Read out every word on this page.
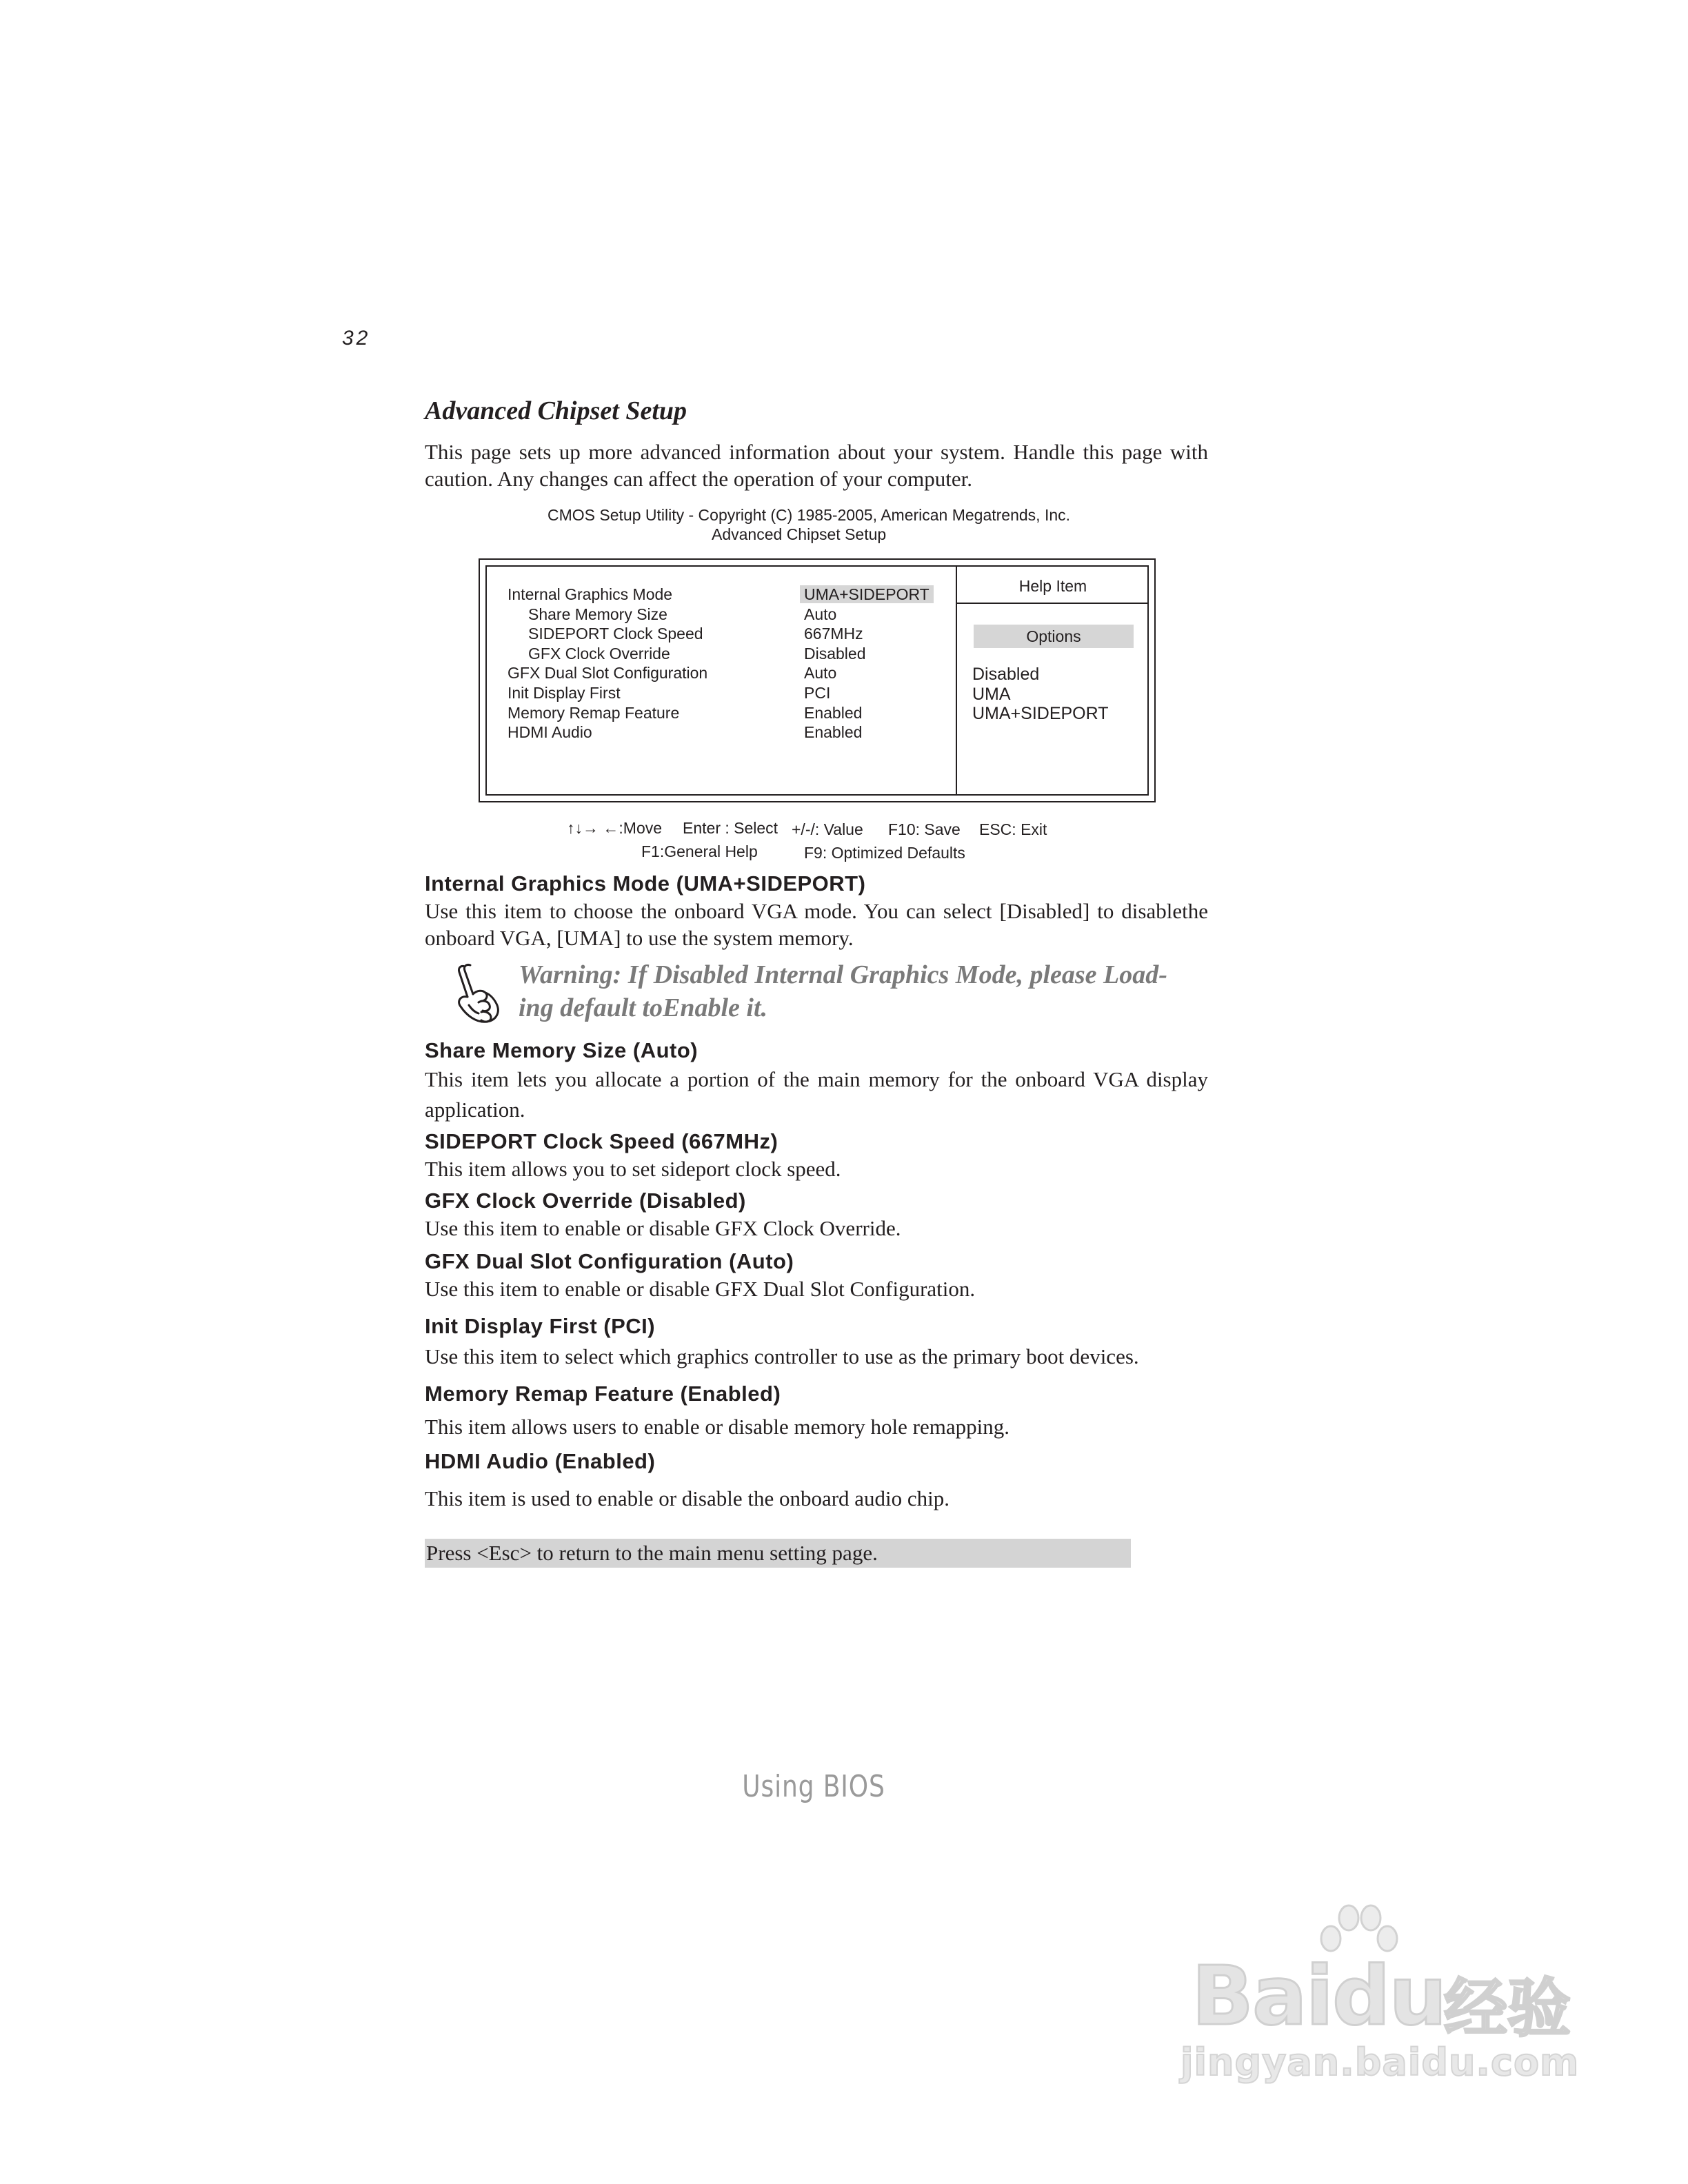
32
Advanced Chipset Setup
This page sets up more advanced information about your system. Handle this page with caution. Any changes can affect the operation of your computer.
CMOS Setup Utility - Copyright (C) 1985-2005, American Megatrends, Inc.
Advanced Chipset Setup
Internal Graphics Mode
Share Memory Size
SIDEPORT Clock Speed
GFX Clock Override
GFX Dual Slot Configuration
Init Display First
Memory Remap Feature
HDMI Audio
UMA+SIDEPORT
Auto
667MHz
Disabled
Auto
PCI
Enabled
Enabled
Help Item
Options
Disabled
UMA
UMA+SIDEPORT
↑↓→ ←:Move Enter : Select +/-/: Value F10: Save ESC: Exit
F1:General Help	F9: Optimized Defaults
Internal Graphics Mode (UMA+SIDEPORT)
Use this item to choose the onboard VGA mode. You can select [Disabled] to disablethe onboard VGA, [UMA] to use the system memory.
Warning: If Disabled Internal Graphics Mode, please Load- ing default toEnable it.
Share Memory Size (Auto)
This item lets you allocate a portion of the main memory for the onboard VGA display application.
SIDEPORT Clock Speed (667MHz)
This item allows you to set sideport clock speed.
GFX Clock Override (Disabled)
Use this item to enable or disable GFX Clock Override.
GFX Dual Slot Configuration (Auto)
Use this item to enable or disable GFX Dual Slot Configuration.
Init Display First (PCI)
Use this item to select which graphics controller to use as the primary boot devices.
Memory Remap Feature (Enabled)
This item allows users to enable or disable memory hole remapping.
HDMI Audio (Enabled)
This item is used to enable or disable the onboard audio chip.
Press <Esc> to return to the main menu setting page.
Using BIOS
Baidu
经验
jingyan.baidu.com
